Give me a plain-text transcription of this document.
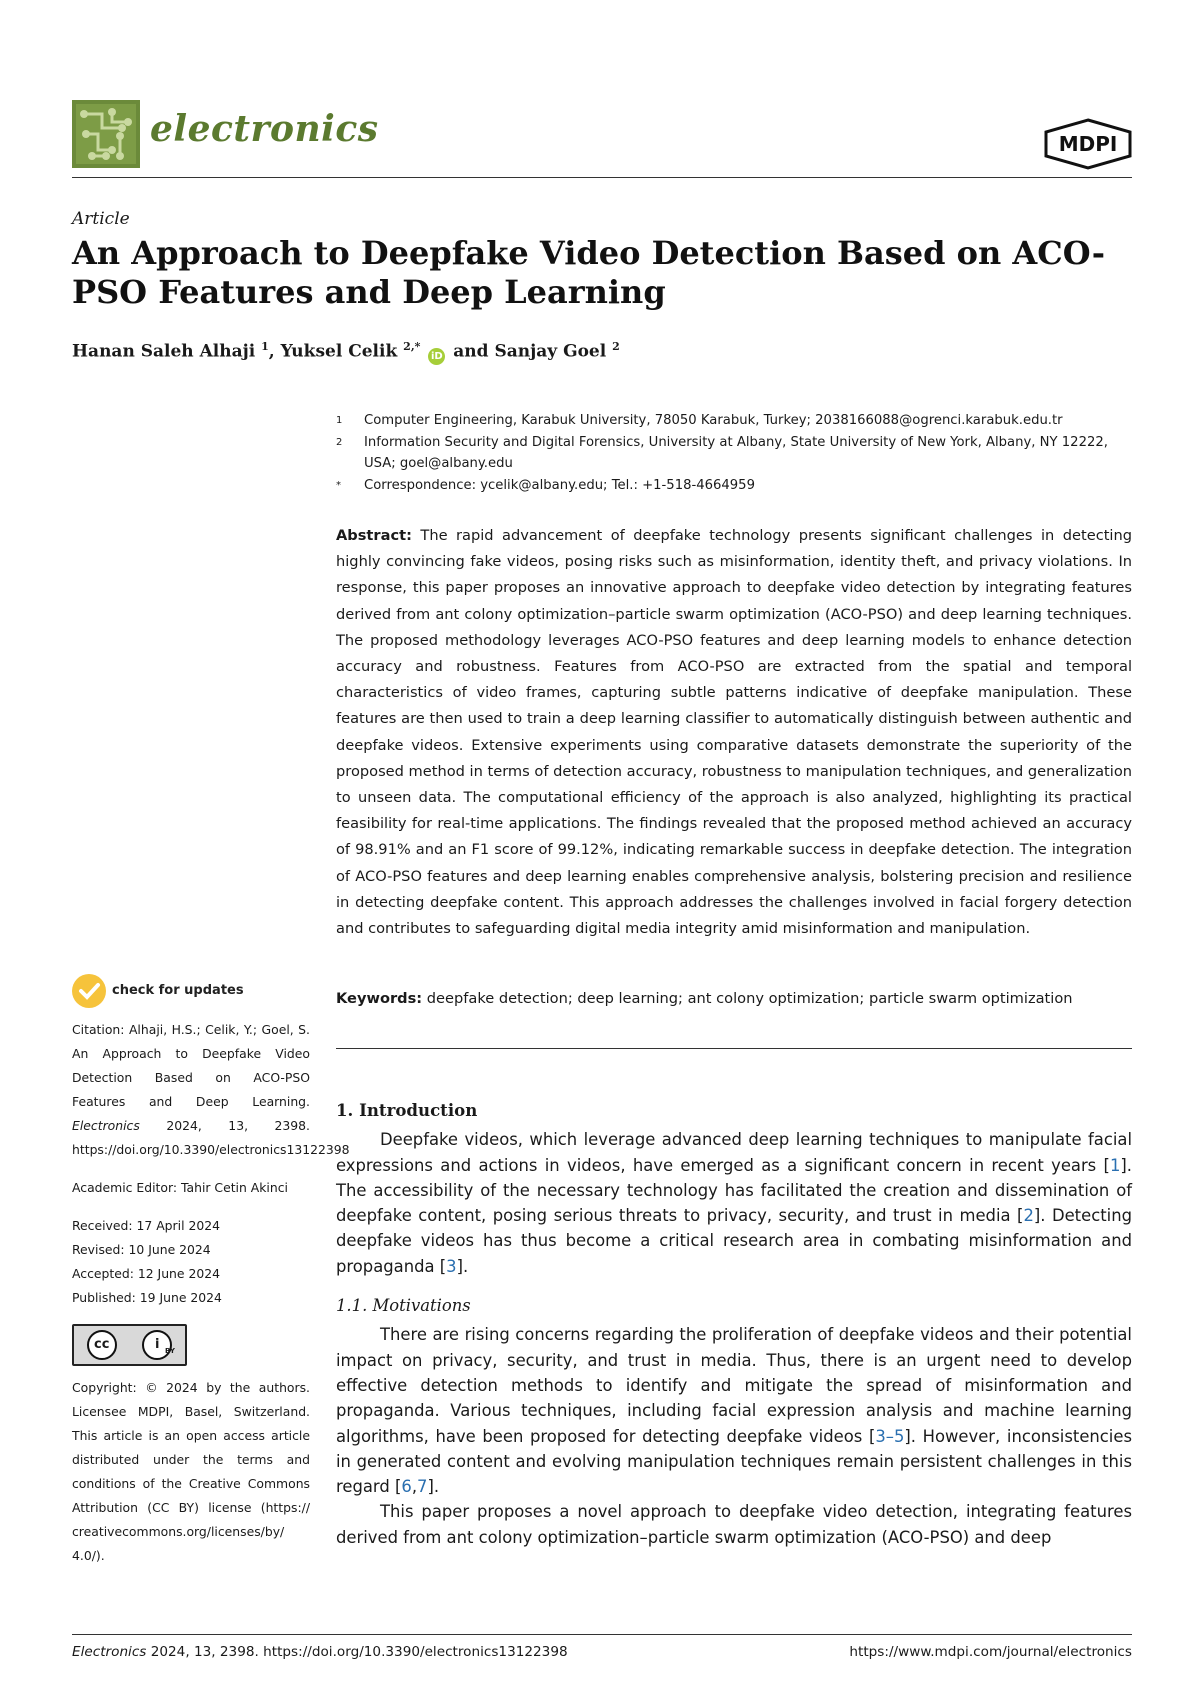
electronics	MDPI
Article
An Approach to Deepfake Video Detection Based on ACO-PSO Features and Deep Learning
Hanan Saleh Alhaji $^1$, Yuksel Celik $^{2,*}$ iD and Sanjay Goel $^2$
1	Computer Engineering, Karabuk University, 78050 Karabuk, Turkey; 2038166088@ogrenci.karabuk.edu.tr
2	Information Security and Digital Forensics, University at Albany, State University of New York, Albany, NY 12222, USA; goel@albany.edu
*	Correspondence: ycelik@albany.edu; Tel.: +1-518-4664959
Abstract: The rapid advancement of deepfake technology presents significant challenges in detecting highly convincing fake videos, posing risks such as misinformation, identity theft, and privacy violations. In response, this paper proposes an innovative approach to deepfake video detection by integrating features derived from ant colony optimization–particle swarm optimization (ACO-PSO) and deep learning techniques. The proposed methodology leverages ACO-PSO features and deep learning models to enhance detection accuracy and robustness. Features from ACO-PSO are extracted from the spatial and temporal characteristics of video frames, capturing subtle patterns indicative of deepfake manipulation. These features are then used to train a deep learning classifier to automatically distinguish between authentic and deepfake videos. Extensive experiments using comparative datasets demonstrate the superiority of the proposed method in terms of detection accuracy, robustness to manipulation techniques, and generalization to unseen data. The computational efficiency of the approach is also analyzed, highlighting its practical feasibility for real-time applications. The findings revealed that the proposed method achieved an accuracy of 98.91% and an F1 score of 99.12%, indicating remarkable success in deepfake detection. The integration of ACO-PSO features and deep learning enables comprehensive analysis, bolstering precision and resilience in detecting deepfake content. This approach addresses the challenges involved in facial forgery detection and contributes to safeguarding digital media integrity amid misinformation and manipulation.
Keywords: deepfake detection; deep learning; ant colony optimization; particle swarm optimization
check for updates
Citation: Alhaji, H.S.; Celik, Y.; Goel, S. An Approach to Deepfake Video Detection Based on ACO-PSO Features and Deep Learning. Electronics 2024, 13, 2398. https://doi.org/10.3390/electronics13122398
Academic Editor: Tahir Cetin Akinci
Received: 17 April 2024
Revised: 10 June 2024
Accepted: 12 June 2024
Published: 19 June 2024
cc	i BY
Copyright: © 2024 by the authors. Licensee MDPI, Basel, Switzerland. This article is an open access article distributed under the terms and conditions of the Creative Commons Attribution (CC BY) license (https:// creativecommons.org/licenses/by/ 4.0/).
1. Introduction

Deepfake videos, which leverage advanced deep learning techniques to manipulate facial expressions and actions in videos, have emerged as a significant concern in recent years [1]. The accessibility of the necessary technology has facilitated the creation and dissemination of deepfake content, posing serious threats to privacy, security, and trust in media [2]. Detecting deepfake videos has thus become a critical research area in combating misinformation and propaganda [3].

1.1. Motivations

There are rising concerns regarding the proliferation of deepfake videos and their potential impact on privacy, security, and trust in media. Thus, there is an urgent need to develop effective detection methods to identify and mitigate the spread of misinformation and propaganda. Various techniques, including facial expression analysis and machine learning algorithms, have been proposed for detecting deepfake videos [3–5]. However, inconsistencies in generated content and evolving manipulation techniques remain persistent challenges in this regard [6,7].

This paper proposes a novel approach to deepfake video detection, integrating features derived from ant colony optimization–particle swarm optimization (ACO-PSO) and deep

Electronics 2024, 13, 2398. https://doi.org/10.3390/electronics13122398	https://www.mdpi.com/journal/electronics
